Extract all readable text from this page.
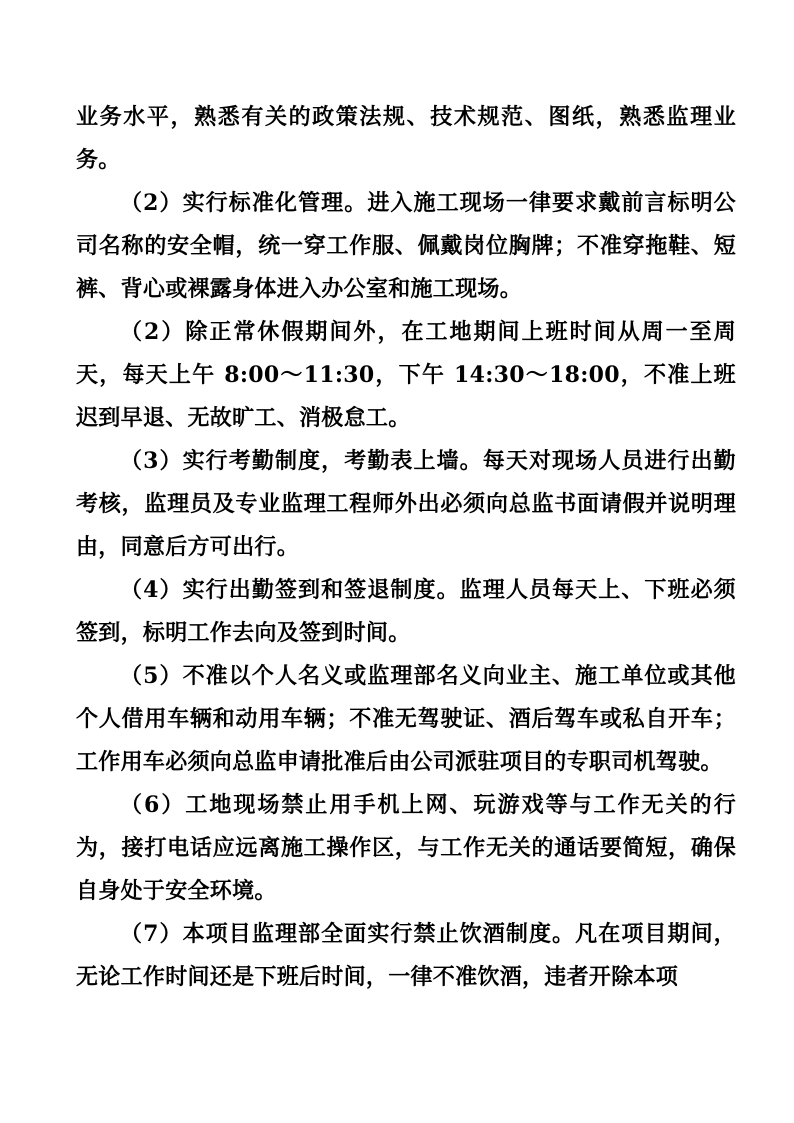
业务水平，熟悉有关的政策法规、技术规范、图纸，熟悉监理业务。

（2）实行标准化管理。进入施工现场一律要求戴前言标明公司名称的安全帽，统一穿工作服、佩戴岗位胸牌；不准穿拖鞋、短裤、背心或裸露身体进入办公室和施工现场。

（2）除正常休假期间外，在工地期间上班时间从周一至周天，每天上午 8:00～11:30，下午 14:30～18:00，不准上班迟到早退、无故旷工、消极怠工。

（3）实行考勤制度，考勤表上墙。每天对现场人员进行出勤考核，监理员及专业监理工程师外出必须向总监书面请假并说明理由，同意后方可出行。

（4）实行出勤签到和签退制度。监理人员每天上、下班必须签到，标明工作去向及签到时间。

（5）不准以个人名义或监理部名义向业主、施工单位或其他个人借用车辆和动用车辆；不准无驾驶证、酒后驾车或私自开车；工作用车必须向总监申请批准后由公司派驻项目的专职司机驾驶。

（6）工地现场禁止用手机上网、玩游戏等与工作无关的行为，接打电话应远离施工操作区，与工作无关的通话要简短，确保自身处于安全环境。

（7）本项目监理部全面实行禁止饮酒制度。凡在项目期间，无论工作时间还是下班后时间，一律不准饮酒，违者开除本项
